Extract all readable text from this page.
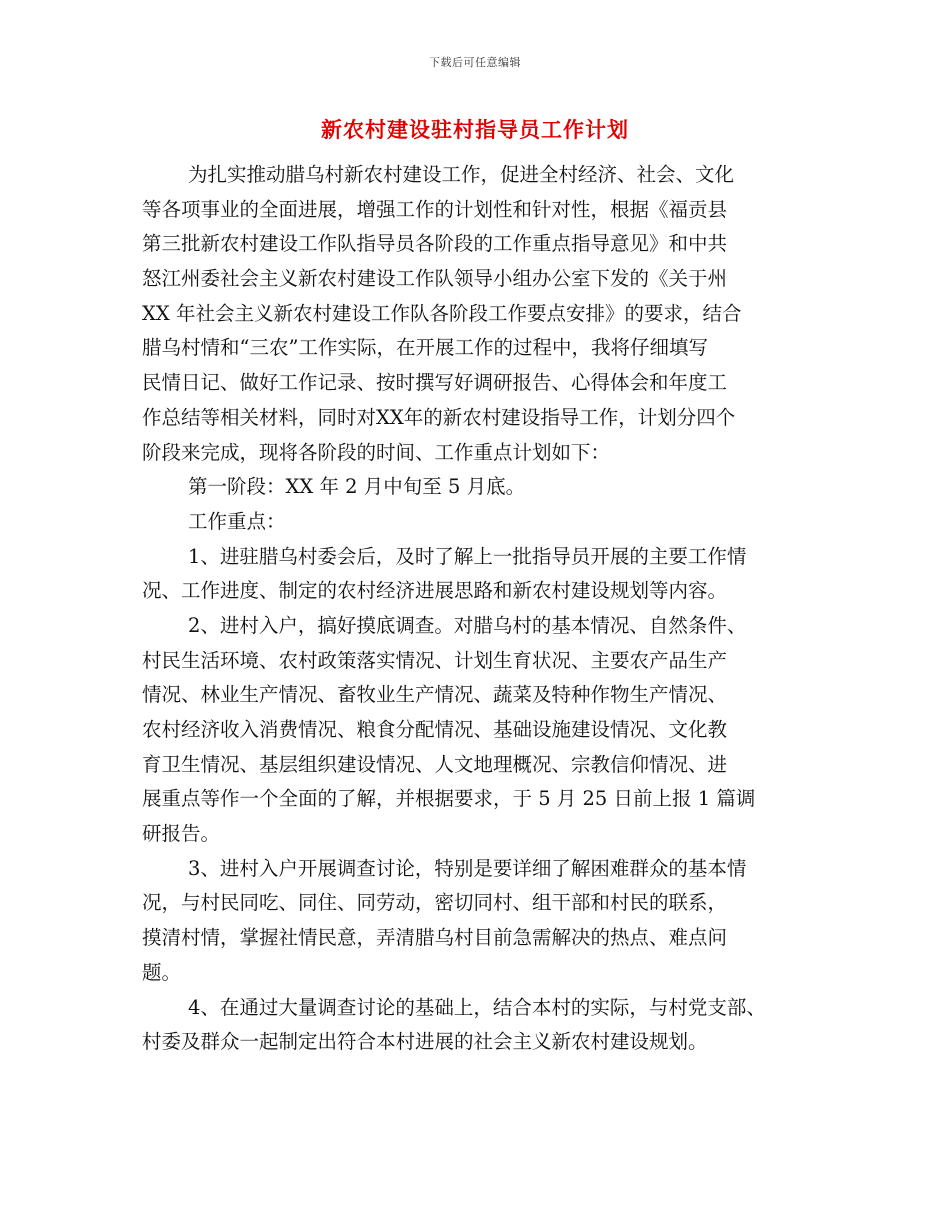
下载后可任意编辑
新农村建设驻村指导员工作计划
为扎实推动腊乌村新农村建设工作，促进全村经济、社会、文化
等各项事业的全面进展，增强工作的计划性和针对性，根据《福贡县
第三批新农村建设工作队指导员各阶段的工作重点指导意见》和中共
怒江州委社会主义新农村建设工作队领导小组办公室下发的《关于州
XX 年社会主义新农村建设工作队各阶段工作要点安排》的要求，结合
腊乌村情和“三农”工作实际，在开展工作的过程中，我将仔细填写
民情日记、做好工作记录、按时撰写好调研报告、心得体会和年度工
作总结等相关材料，同时对XX年的新农村建设指导工作，计划分四个
阶段来完成，现将各阶段的时间、工作重点计划如下：
第一阶段：XX 年 2 月中旬至 5 月底。
工作重点：
1、进驻腊乌村委会后，及时了解上一批指导员开展的主要工作情
况、工作进度、制定的农村经济进展思路和新农村建设规划等内容。
2、进村入户，搞好摸底调查。对腊乌村的基本情况、自然条件、
村民生活环境、农村政策落实情况、计划生育状况、主要农产品生产
情况、林业生产情况、畜牧业生产情况、蔬菜及特种作物生产情况、
农村经济收入消费情况、粮食分配情况、基础设施建设情况、文化教
育卫生情况、基层组织建设情况、人文地理概况、宗教信仰情况、进
展重点等作一个全面的了解，并根据要求，于 5 月 25 日前上报 1 篇调
研报告。
3、进村入户开展调查讨论，特别是要详细了解困难群众的基本情
况，与村民同吃、同住、同劳动，密切同村、组干部和村民的联系，
摸清村情，掌握社情民意，弄清腊乌村目前急需解决的热点、难点问
题。
4、在通过大量调查讨论的基础上，结合本村的实际，与村党支部、
村委及群众一起制定出符合本村进展的社会主义新农村建设规划。
